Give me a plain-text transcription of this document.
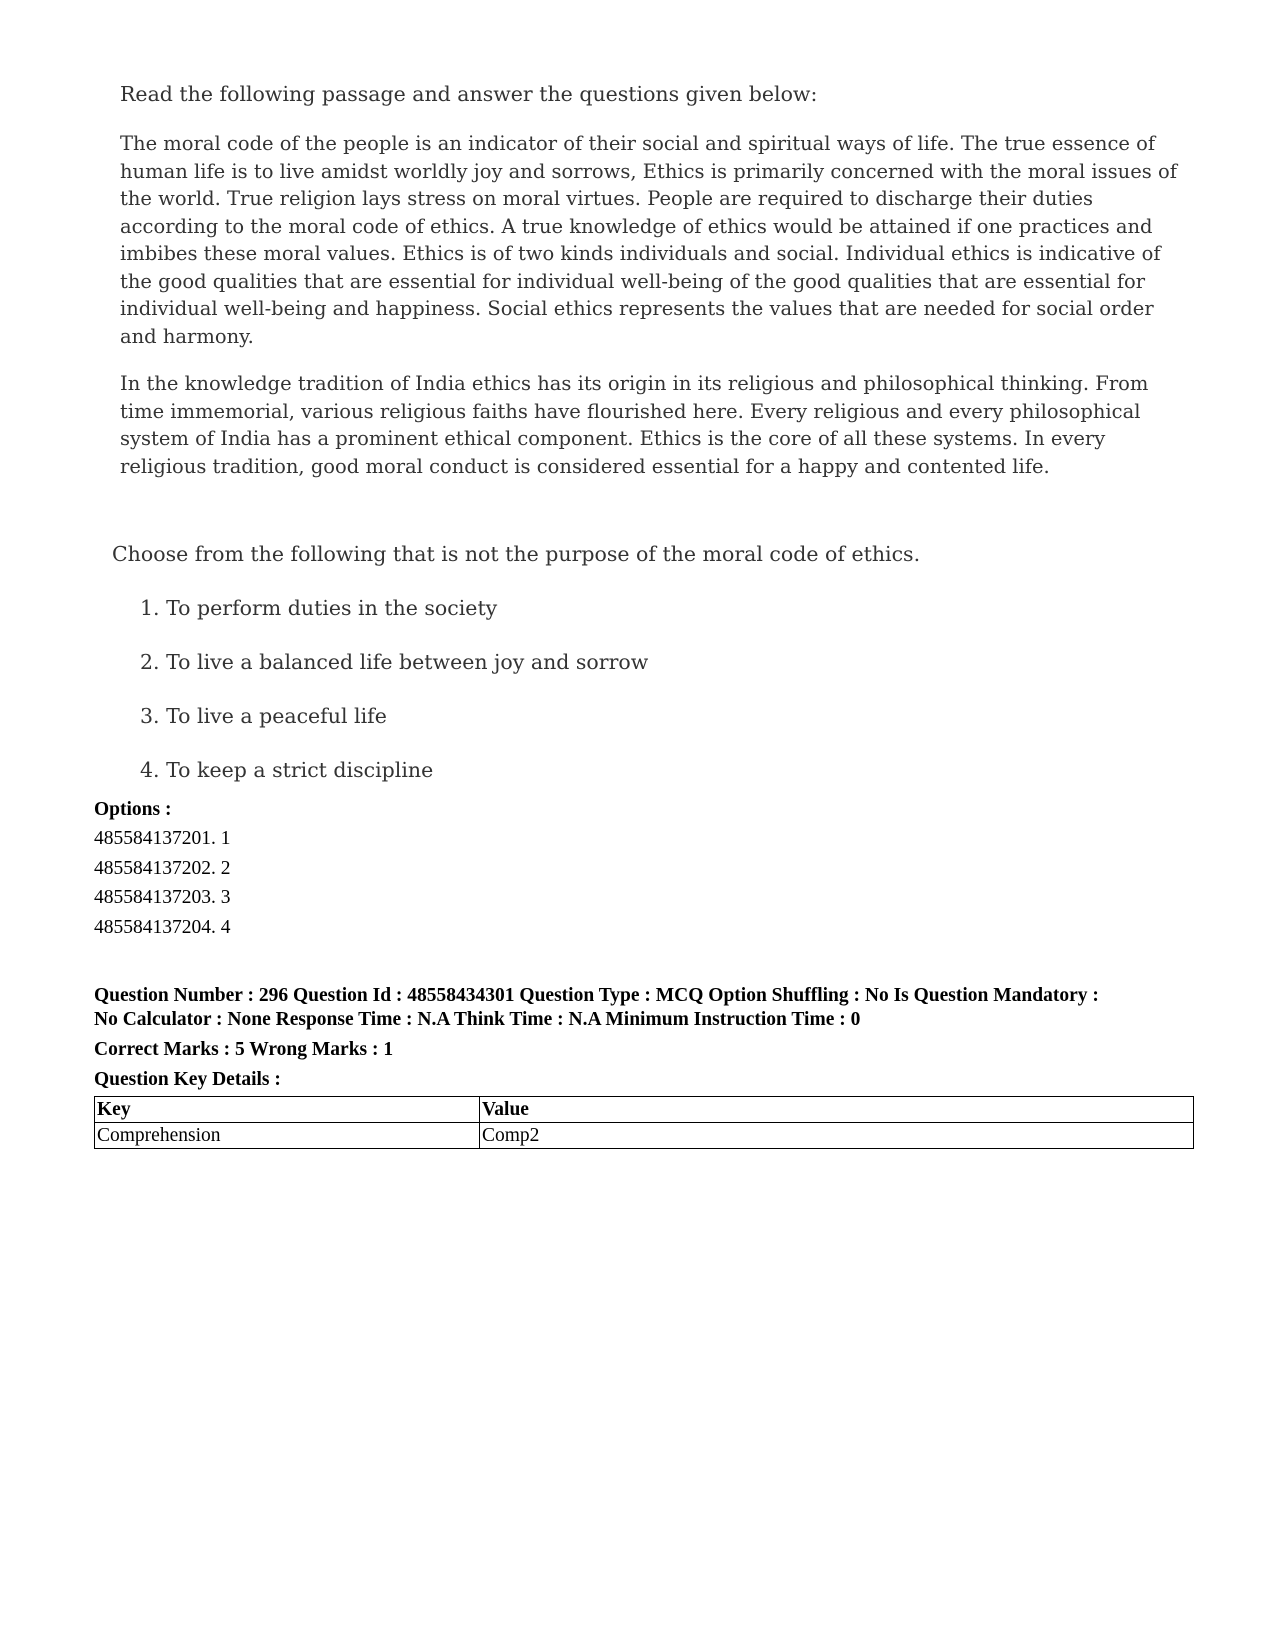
Read the following passage and answer the questions given below:

The moral code of the people is an indicator of their social and spiritual ways of life. The true essence of human life is to live amidst worldly joy and sorrows, Ethics is primarily concerned with the moral issues of the world. True religion lays stress on moral virtues. People are required to discharge their duties according to the moral code of ethics. A true knowledge of ethics would be attained if one practices and imbibes these moral values. Ethics is of two kinds individuals and social. Individual ethics is indicative of the good qualities that are essential for individual well-being of the good qualities that are essential for individual well-being and happiness. Social ethics represents the values that are needed for social order and harmony.

In the knowledge tradition of India ethics has its origin in its religious and philosophical thinking. From time immemorial, various religious faiths have flourished here. Every religious and every philosophical system of India has a prominent ethical component. Ethics is the core of all these systems. In every religious tradition, good moral conduct is considered essential for a happy and contented life.

Choose from the following that is not the purpose of the moral code of ethics.

1. To perform duties in the society
2. To live a balanced life between joy and sorrow
3. To live a peaceful life
4. To keep a strict discipline
Options :
485584137201. 1
485584137202. 2
485584137203. 3
485584137204. 4
Question Number : 296 Question Id : 48558434301 Question Type : MCQ Option Shuffling : No Is Question Mandatory :
No Calculator : None Response Time : N.A Think Time : N.A Minimum Instruction Time : 0
Correct Marks : 5 Wrong Marks : 1
Question Key Details :
Key	Value
Comprehension	Comp2
